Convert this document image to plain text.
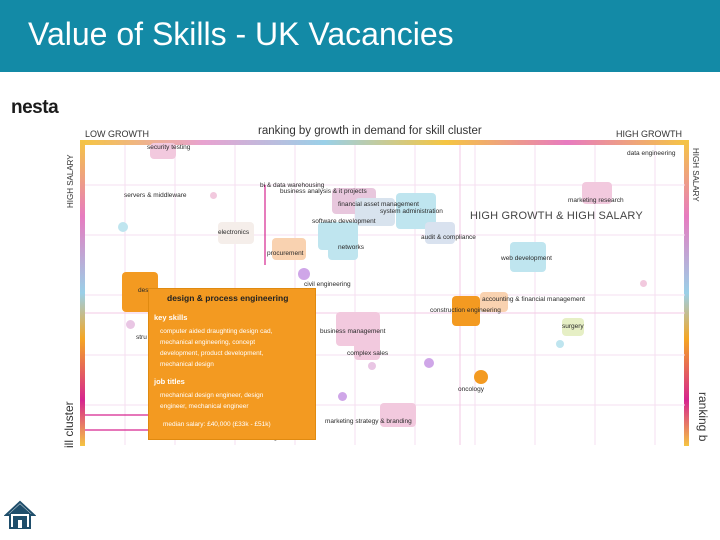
Value of Skills - UK Vacancies
nesta
LOW GROWTH	ranking by growth in demand for skill cluster	HIGH GROWTH
HIGH SALARY	HIGH SALARY
ill cluster	ranking b
security testing
data engineering
servers & middleware
bi & data warehousing
business analysis & it projects
marketing research
financial asset management
system administration HIGH GROWTH & HIGH SALARY
software development
electronics
audit & compliance
networks
procurement
web development
civil engineering
des
accounting & financial management
construction engineering
surgery
business management
stru
complex sales
oncology
marketing strategy & branding
design & process engineering
key skills
computer aided draughting design cad,
mechanical engineering, concept
development, product development,
mechanical design
job titles
mechanical design engineer, design
engineer, mechanical engineer
median salary: £40,000 (£33k - £51k)
